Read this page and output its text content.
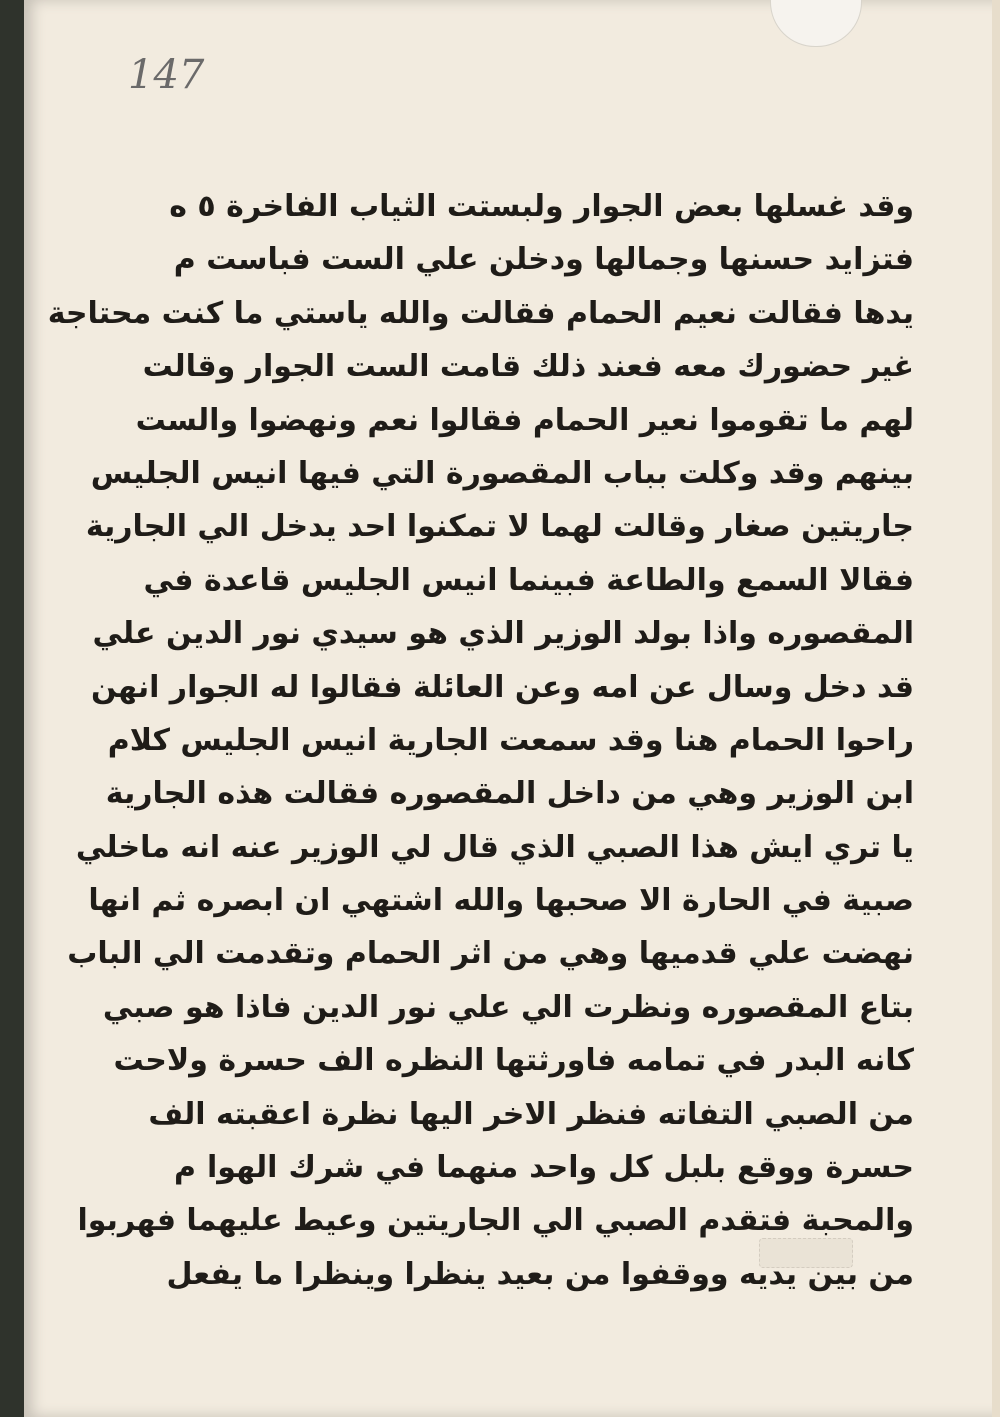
147
وقد غسلها بعض الجوار ولبستت الثياب الفاخرة ٥ ه
فتزايد حسنها وجمالها ودخلن علي الست فباست م
يدها فقالت نعيم الحمام فقالت والله ياستي ما كنت محتاجة
غير حضورك معه فعند ذلك قامت الست الجوار وقالت
لهم ما تقوموا نعير الحمام فقالوا نعم ونهضوا والست
بينهم وقد وكلت بباب المقصورة التي فيها انيس الجليس
جاريتين صغار وقالت لهما لا تمكنوا احد يدخل الي الجارية
فقالا السمع والطاعة فبينما انيس الجليس قاعدة في
المقصوره واذا بولد الوزير الذي هو سيدي نور الدين علي
قد دخل وسال عن امه وعن العائلة فقالوا له الجوار انهن
راحوا الحمام هنا وقد سمعت الجارية انيس الجليس كلام
ابن الوزير وهي من داخل المقصوره فقالت هذه الجارية
يا تري ايش هذا الصبي الذي قال لي الوزير عنه انه ماخلي
صبية في الحارة الا صحبها والله اشتهي ان ابصره ثم انها
نهضت علي قدميها وهي من اثر الحمام وتقدمت الي الباب
بتاع المقصوره ونظرت الي علي نور الدين فاذا هو صبي
كانه البدر في تمامه فاورثتها النظره الف حسرة ولاحت
من الصبي التفاته فنظر الاخر اليها نظرة اعقبته الف
حسرة ووقع بلبل كل واحد منهما في شرك الهوا م
والمحبة فتقدم الصبي الي الجاريتين وعيط عليهما فهربوا
من بين يديه ووقفوا من بعيد ينظرا وينظرا ما يفعل
